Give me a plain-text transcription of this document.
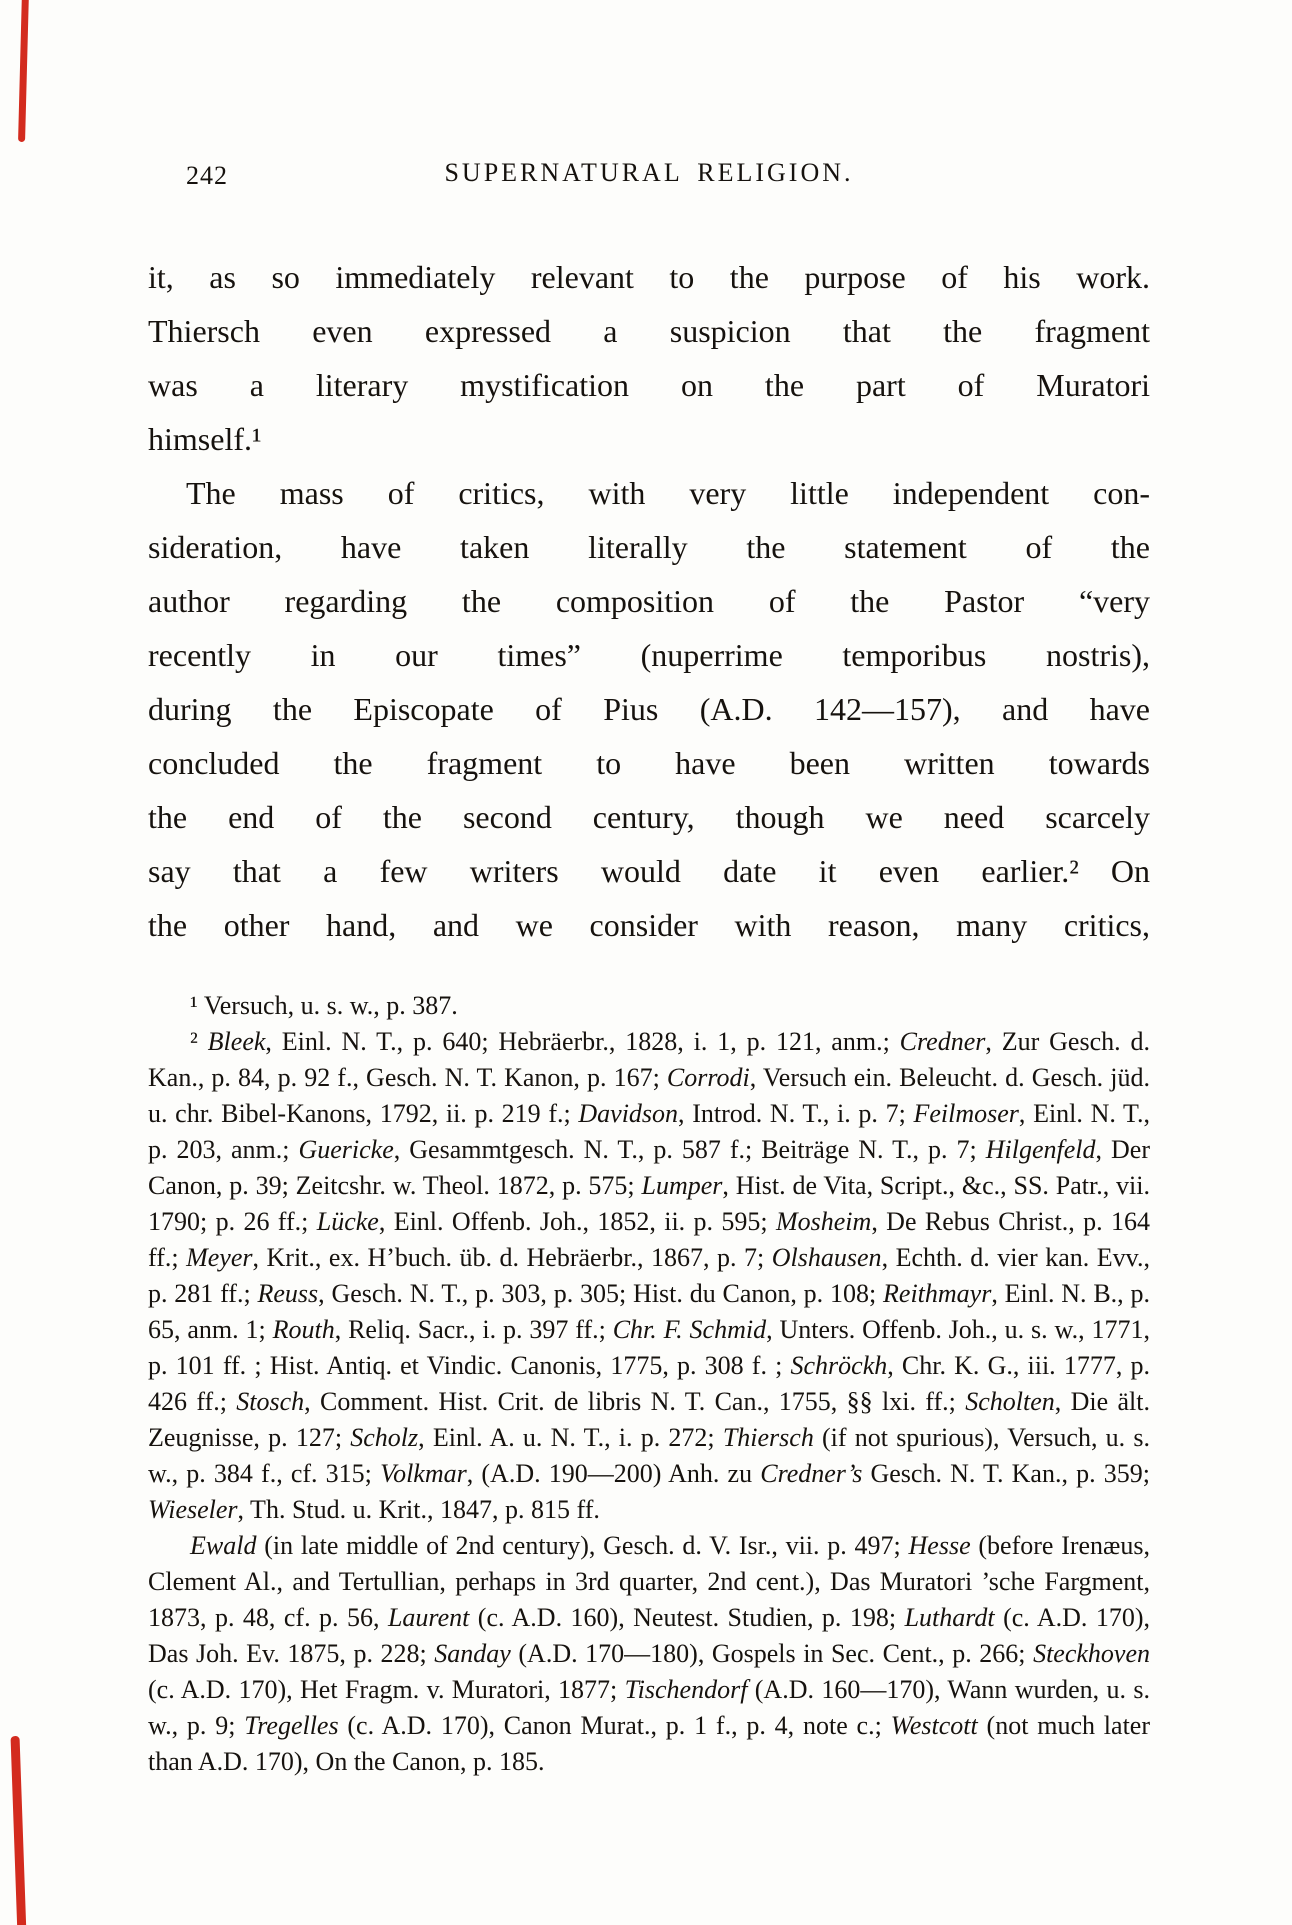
242	SUPERNATURAL RELIGION.
it, as so immediately relevant to the purpose of his work.
Thiersch even expressed a suspicion that the fragment
was a literary mystification on the part of Muratori
himself.¹
The mass of critics, with very little independent con-
sideration, have taken literally the statement of the
author regarding the composition of the Pastor “very
recently in our times” (nuperrime temporibus nostris),
during the Episcopate of Pius (A.D. 142—157), and have
concluded the fragment to have been written towards
the end of the second century, though we need scarcely
say that a few writers would date it even earlier.² On
the other hand, and we consider with reason, many critics,

¹ Versuch, u. s. w., p. 387.

² Bleek, Einl. N. T., p. 640; Hebräerbr., 1828, i. 1, p. 121, anm.; Credner, Zur Gesch. d. Kan., p. 84, p. 92 f., Gesch. N. T. Kanon, p. 167; Corrodi, Versuch ein. Beleucht. d. Gesch. jüd. u. chr. Bibel-Kanons, 1792, ii. p. 219 f.; Davidson, Introd. N. T., i. p. 7; Feilmoser, Einl. N. T., p. 203, anm.; Guericke, Gesammtgesch. N. T., p. 587 f.; Beiträge N. T., p. 7; Hilgenfeld, Der Canon, p. 39; Zeitcshr. w. Theol. 1872, p. 575; Lumper, Hist. de Vita, Script., &c., SS. Patr., vii. 1790; p. 26 ff.; Lücke, Einl. Offenb. Joh., 1852, ii. p. 595; Mosheim, De Rebus Christ., p. 164 ff.; Meyer, Krit., ex. H’buch. üb. d. Hebräerbr., 1867, p. 7; Olshausen, Echth. d. vier kan. Evv., p. 281 ff.; Reuss, Gesch. N. T., p. 303, p. 305; Hist. du Canon, p. 108; Reithmayr, Einl. N. B., p. 65, anm. 1; Routh, Reliq. Sacr., i. p. 397 ff.; Chr. F. Schmid, Unters. Offenb. Joh., u. s. w., 1771, p. 101 ff. ; Hist. Antiq. et Vindic. Canonis, 1775, p. 308 f. ; Schröckh, Chr. K. G., iii. 1777, p. 426 ff.; Stosch, Comment. Hist. Crit. de libris N. T. Can., 1755, §§ lxi. ff.; Scholten, Die ält. Zeugnisse, p. 127; Scholz, Einl. A. u. N. T., i. p. 272; Thiersch (if not spurious), Versuch, u. s. w., p. 384 f., cf. 315; Volkmar, (A.D. 190—200) Anh. zu Credner’s Gesch. N. T. Kan., p. 359; Wieseler, Th. Stud. u. Krit., 1847, p. 815 ff.

Ewald (in late middle of 2nd century), Gesch. d. V. Isr., vii. p. 497; Hesse (before Irenæus, Clement Al., and Tertullian, perhaps in 3rd quarter, 2nd cent.), Das Muratori ’sche Fargment, 1873, p. 48, cf. p. 56, Laurent (c. A.D. 160), Neutest. Studien, p. 198; Luthardt (c. A.D. 170), Das Joh. Ev. 1875, p. 228; Sanday (A.D. 170—180), Gospels in Sec. Cent., p. 266; Steckhoven (c. A.D. 170), Het Fragm. v. Muratori, 1877; Tischendorf (A.D. 160—170), Wann wurden, u. s. w., p. 9; Tregelles (c. A.D. 170), Canon Murat., p. 1 f., p. 4, note c.; Westcott (not much later than A.D. 170), On the Canon, p. 185.
